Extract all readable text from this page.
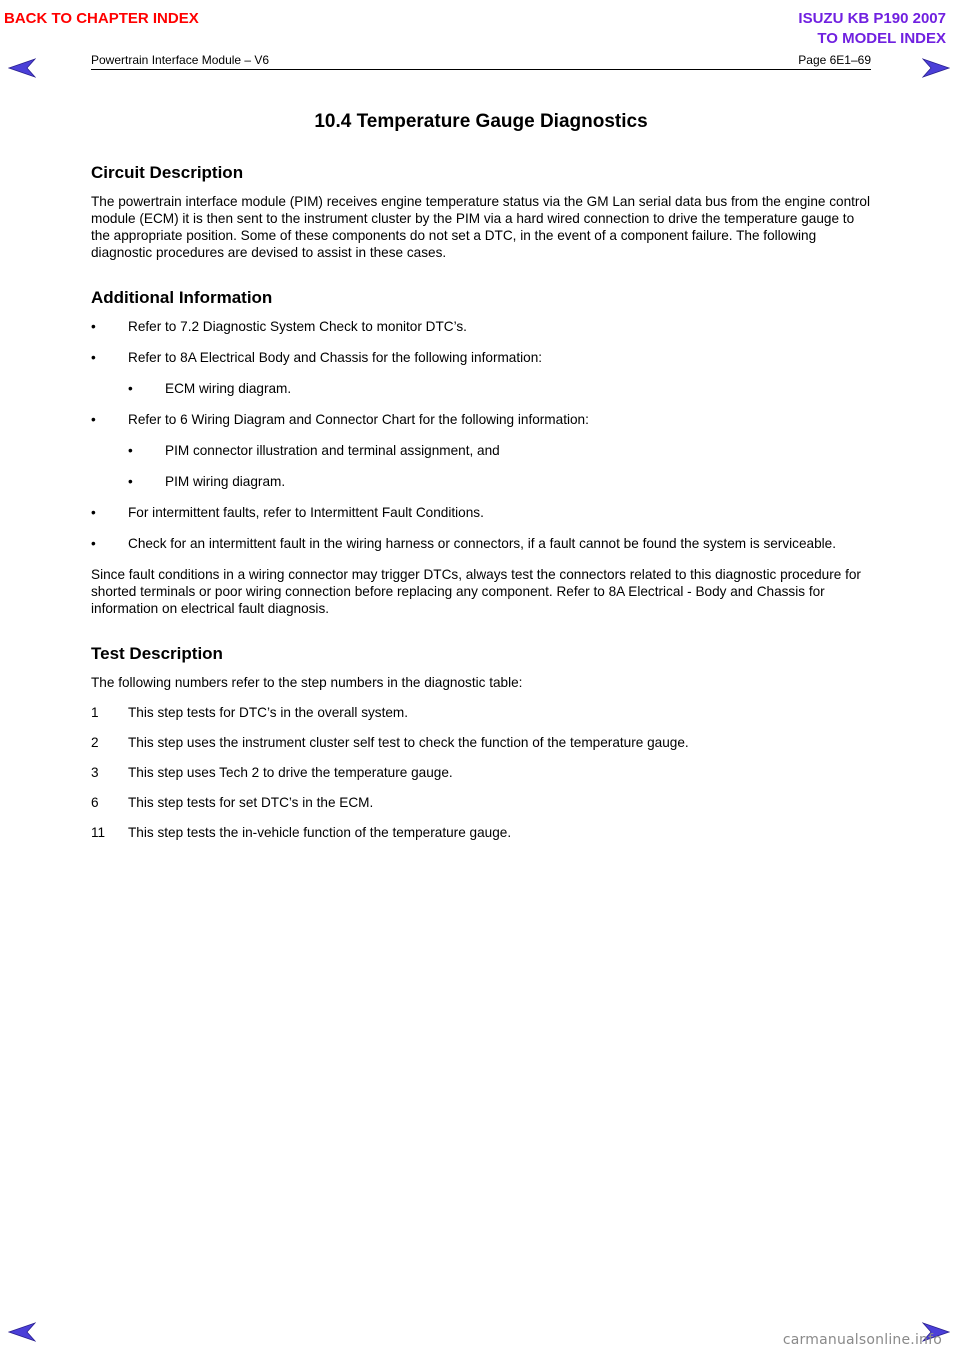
BACK TO CHAPTER INDEX	ISUZU KB P190 2007
TO MODEL INDEX
Powertrain Interface Module – V6	Page 6E1–69
10.4 Temperature Gauge Diagnostics
Circuit Description

The powertrain interface module (PIM) receives engine temperature status via the GM Lan serial data bus from the engine control module (ECM) it is then sent to the instrument cluster by the PIM via a hard wired connection to drive the temperature gauge to the appropriate position. Some of these components do not set a DTC, in the event of a component failure. The following diagnostic procedures are devised to assist in these cases.

Additional Information
•	Refer to 7.2 Diagnostic System Check to monitor DTC’s.
•	Refer to 8A Electrical Body and Chassis for the following information:
•	ECM wiring diagram.
•	Refer to 6 Wiring Diagram and Connector Chart for the following information:
•	PIM connector illustration and terminal assignment, and
•	PIM wiring diagram.
•	For intermittent faults, refer to Intermittent Fault Conditions.
•	Check for an intermittent fault in the wiring harness or connectors, if a fault cannot be found the system is serviceable.

Since fault conditions in a wiring connector may trigger DTCs, always test the connectors related to this diagnostic procedure for shorted terminals or poor wiring connection before replacing any component. Refer to 8A Electrical - Body and Chassis for information on electrical fault diagnosis.

Test Description

The following numbers refer to the step numbers in the diagnostic table:

1 This step tests for DTC’s in the overall system.
2 This step uses the instrument cluster self test to check the function of the temperature gauge.
3 This step uses Tech 2 to drive the temperature gauge.
6 This step tests for set DTC’s in the ECM.
11 This step tests the in-vehicle function of the temperature gauge.
carmanualsonline.info
